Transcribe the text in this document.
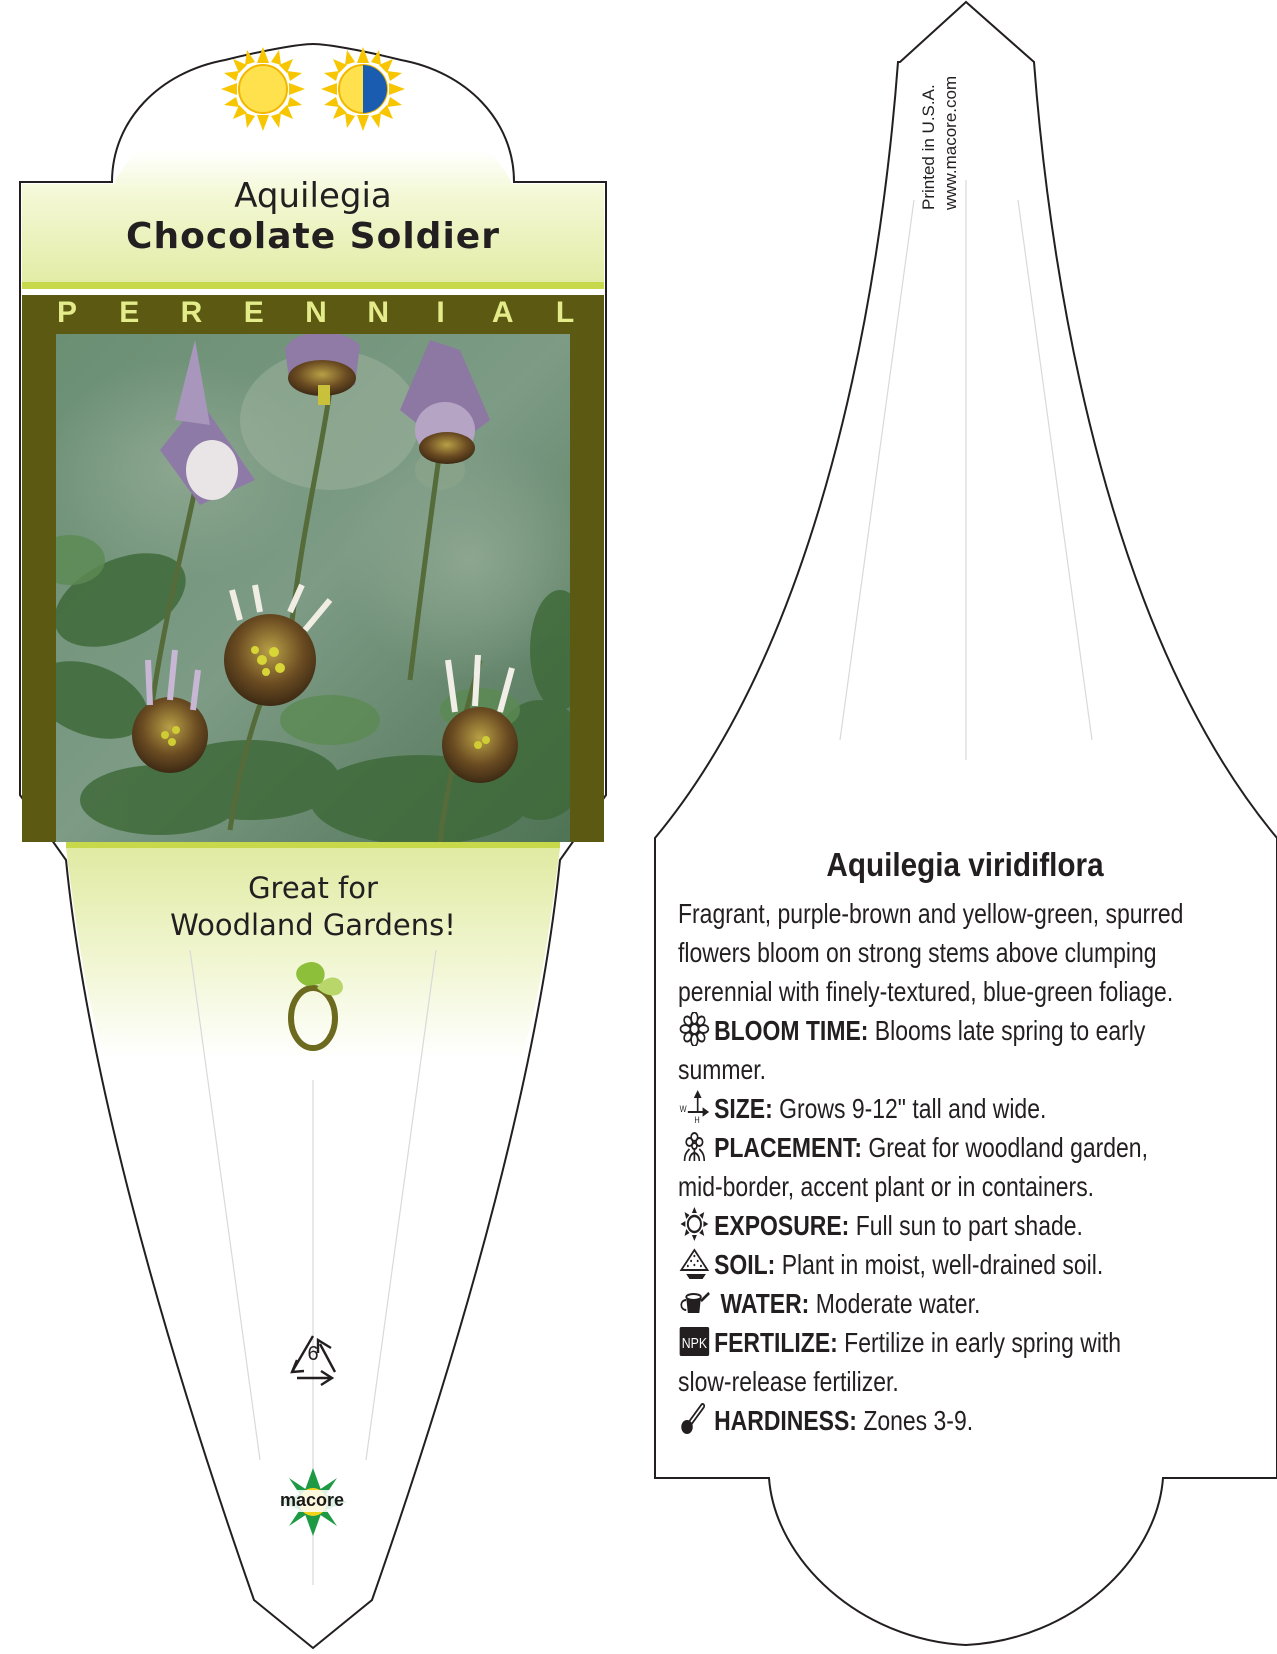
Aquilegia
Chocolate Soldier
P E R E N N I A L
Great for
Woodland Gardens!
6
macore
Printed in U.S.A. www.macore.com
Aquilegia viridiflora
Fragrant, purple-brown and yellow-green, spurred
flowers bloom on strong stems above clumping
perennial with finely-textured, blue-green foliage.
BLOOM TIME: Blooms late spring to early
summer.
W
H SIZE: Grows 9-12" tall and wide.
PLACEMENT: Great for woodland garden,
mid-border, accent plant or in containers.
EXPOSURE: Full sun to part shade.
SOIL: Plant in moist, well-drained soil.
WATER: Moderate water.
NPK FERTILIZE: Fertilize in early spring with
slow-release fertilizer.
HARDINESS: Zones 3-9.
